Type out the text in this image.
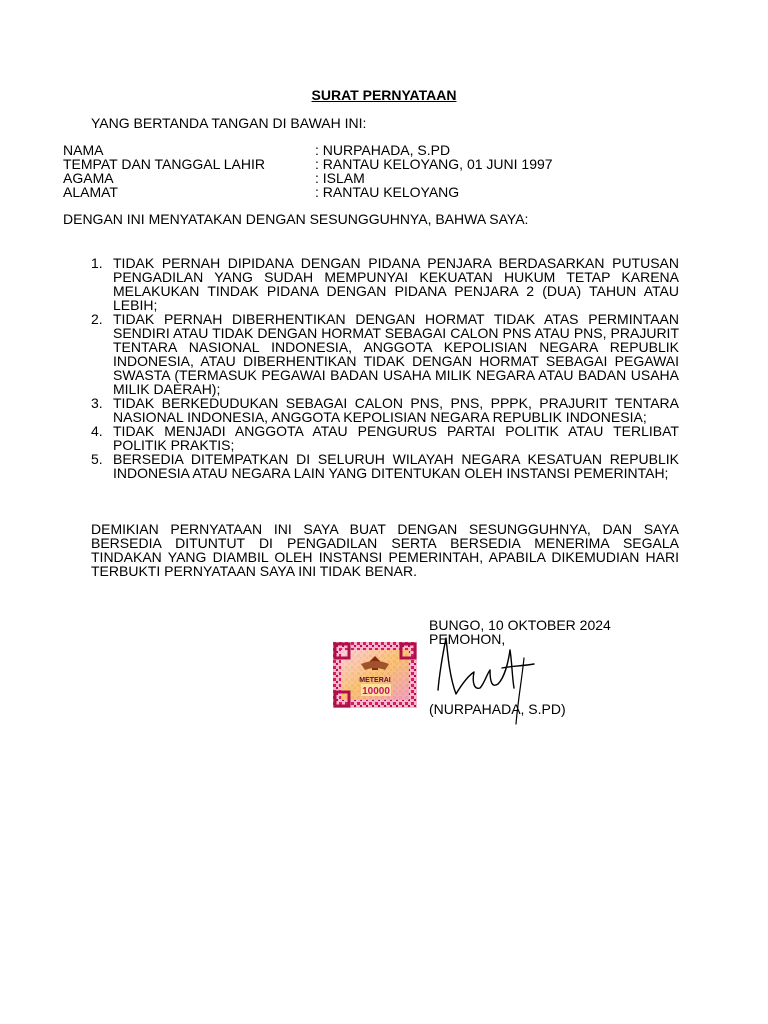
SURAT PERNYATAAN
YANG BERTANDA TANGAN DI BAWAH INI:
NAMA	: NURPAHADA, S.PD
TEMPAT DAN TANGGAL LAHIR	: RANTAU KELOYANG, 01 JUNI 1997
AGAMA	: ISLAM
ALAMAT	: RANTAU KELOYANG
DENGAN INI MENYATAKAN DENGAN SESUNGGUHNYA, BAHWA SAYA:
1. TIDAK PERNAH DIPIDANA DENGAN PIDANA PENJARA BERDASARKAN PUTUSAN PENGADILAN YANG SUDAH MEMPUNYAI KEKUATAN HUKUM TETAP KARENA MELAKUKAN TINDAK PIDANA DENGAN PIDANA PENJARA 2 (DUA) TAHUN ATAU LEBIH;
2. TIDAK PERNAH DIBERHENTIKAN DENGAN HORMAT TIDAK ATAS PERMINTAAN SENDIRI ATAU TIDAK DENGAN HORMAT SEBAGAI CALON PNS ATAU PNS, PRAJURIT TENTARA NASIONAL INDONESIA, ANGGOTA KEPOLISIAN NEGARA REPUBLIK INDONESIA, ATAU DIBERHENTIKAN TIDAK DENGAN HORMAT SEBAGAI PEGAWAI SWASTA (TERMASUK PEGAWAI BADAN USAHA MILIK NEGARA ATAU BADAN USAHA MILIK DAERAH);
3. TIDAK BERKEDUDUKAN SEBAGAI CALON PNS, PNS, PPPK, PRAJURIT TENTARA NASIONAL INDONESIA, ANGGOTA KEPOLISIAN NEGARA REPUBLIK INDONESIA;
4. TIDAK MENJADI ANGGOTA ATAU PENGURUS PARTAI POLITIK ATAU TERLIBAT POLITIK PRAKTIS;
5. BERSEDIA DITEMPATKAN DI SELURUH WILAYAH NEGARA KESATUAN REPUBLIK INDONESIA ATAU NEGARA LAIN YANG DITENTUKAN OLEH INSTANSI PEMERINTAH;
DEMIKIAN PERNYATAAN INI SAYA BUAT DENGAN SESUNGGUHNYA, DAN SAYA BERSEDIA DITUNTUT DI PENGADILAN SERTA BERSEDIA MENERIMA SEGALA TINDAKAN YANG DIAMBIL OLEH INSTANSI PEMERINTAH, APABILA DIKEMUDIAN HARI TERBUKTI PERNYATAAN SAYA INI TIDAK BENAR.
BUNGO, 10 OKTOBER 2024
PEMOHON,
METERAI
10000
(NURPAHADA, S.PD)
